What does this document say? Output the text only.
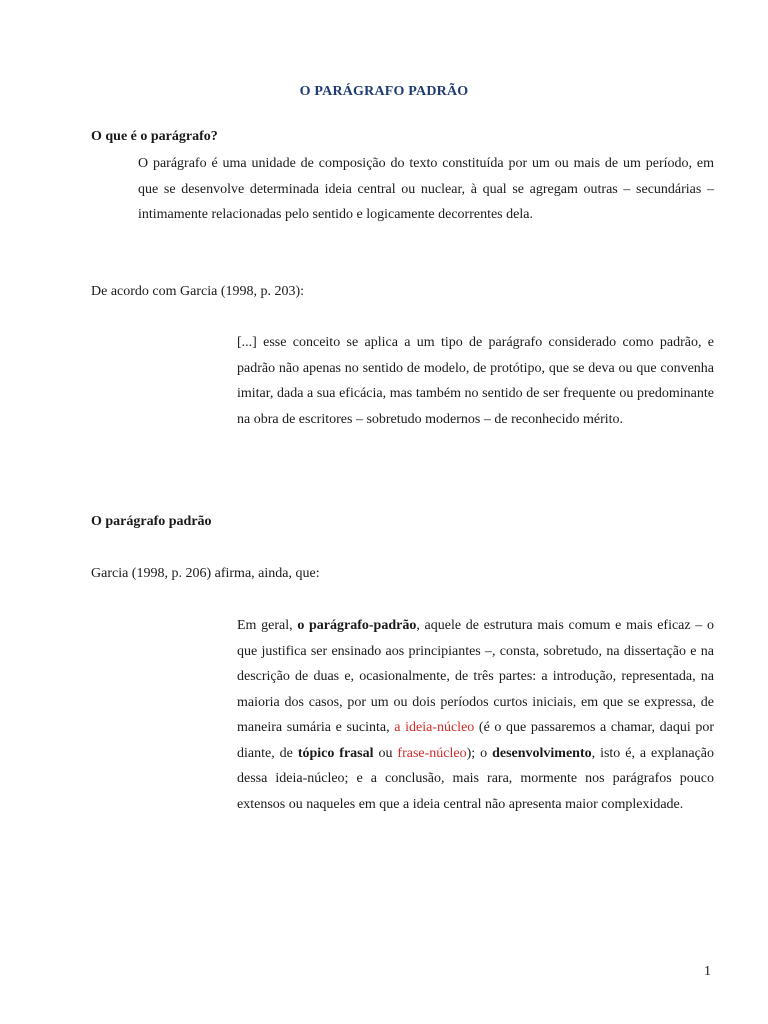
O PARÁGRAFO PADRÃO
O que é o parágrafo?

O parágrafo é uma unidade de composição do texto constituída por um ou mais de um período, em que se desenvolve determinada ideia central ou nuclear, à qual se agregam outras – secundárias – intimamente relacionadas pelo sentido e logicamente decorrentes dela.

De acordo com Garcia (1998, p. 203):

[...] esse conceito se aplica a um tipo de parágrafo considerado como padrão, e padrão não apenas no sentido de modelo, de protótipo, que se deva ou que convenha imitar, dada a sua eficácia, mas também no sentido de ser frequente ou predominante na obra de escritores – sobretudo modernos – de reconhecido mérito.

O parágrafo padrão
Garcia (1998, p. 206) afirma, ainda, que:

Em geral, o parágrafo-padrão, aquele de estrutura mais comum e mais eficaz – o que justifica ser ensinado aos principiantes –, consta, sobretudo, na dissertação e na descrição de duas e, ocasionalmente, de três partes: a introdução, representada, na maioria dos casos, por um ou dois períodos curtos iniciais, em que se expressa, de maneira sumária e sucinta, a ideia-núcleo (é o que passaremos a chamar, daqui por diante, de tópico frasal ou frase-núcleo); o desenvolvimento, isto é, a explanação dessa ideia-núcleo; e a conclusão, mais rara, mormente nos parágrafos pouco extensos ou naqueles em que a ideia central não apresenta maior complexidade.

1
